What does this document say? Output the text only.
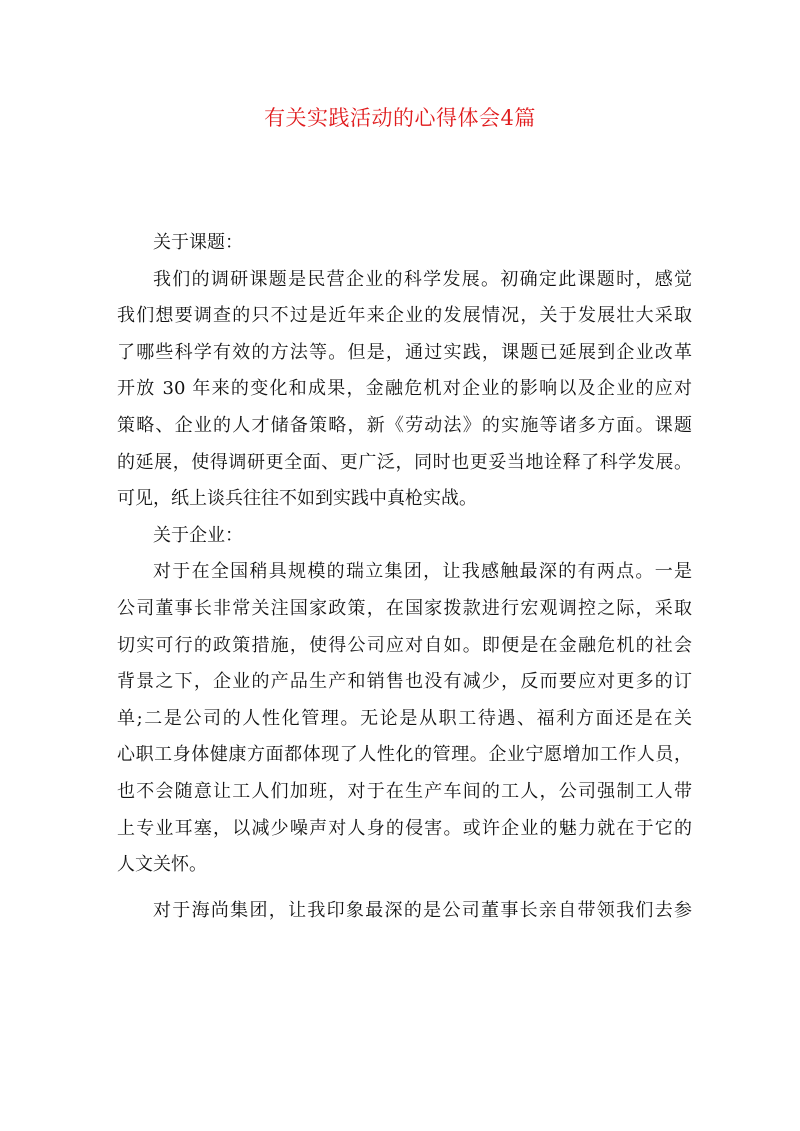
有关实践活动的心得体会4篇
关于课题：
我们的调研课题是民营企业的科学发展。初确定此课题时，感觉
我们想要调查的只不过是近年来企业的发展情况，关于发展壮大采取
了哪些科学有效的方法等。但是，通过实践，课题已延展到企业改革
开放 30 年来的变化和成果，金融危机对企业的影响以及企业的应对
策略、企业的人才储备策略，新《劳动法》的实施等诸多方面。课题
的延展，使得调研更全面、更广泛，同时也更妥当地诠释了科学发展。
可见，纸上谈兵往往不如到实践中真枪实战。
关于企业：
对于在全国稍具规模的瑞立集团，让我感触最深的有两点。一是
公司董事长非常关注国家政策，在国家拨款进行宏观调控之际，采取
切实可行的政策措施，使得公司应对自如。即便是在金融危机的社会
背景之下，企业的产品生产和销售也没有减少，反而要应对更多的订
单;二是公司的人性化管理。无论是从职工待遇、福利方面还是在关
心职工身体健康方面都体现了人性化的管理。企业宁愿增加工作人员，
也不会随意让工人们加班，对于在生产车间的工人，公司强制工人带
上专业耳塞，以减少噪声对人身的侵害。或许企业的魅力就在于它的
人文关怀。
对于海尚集团，让我印象最深的是公司董事长亲自带领我们去参
